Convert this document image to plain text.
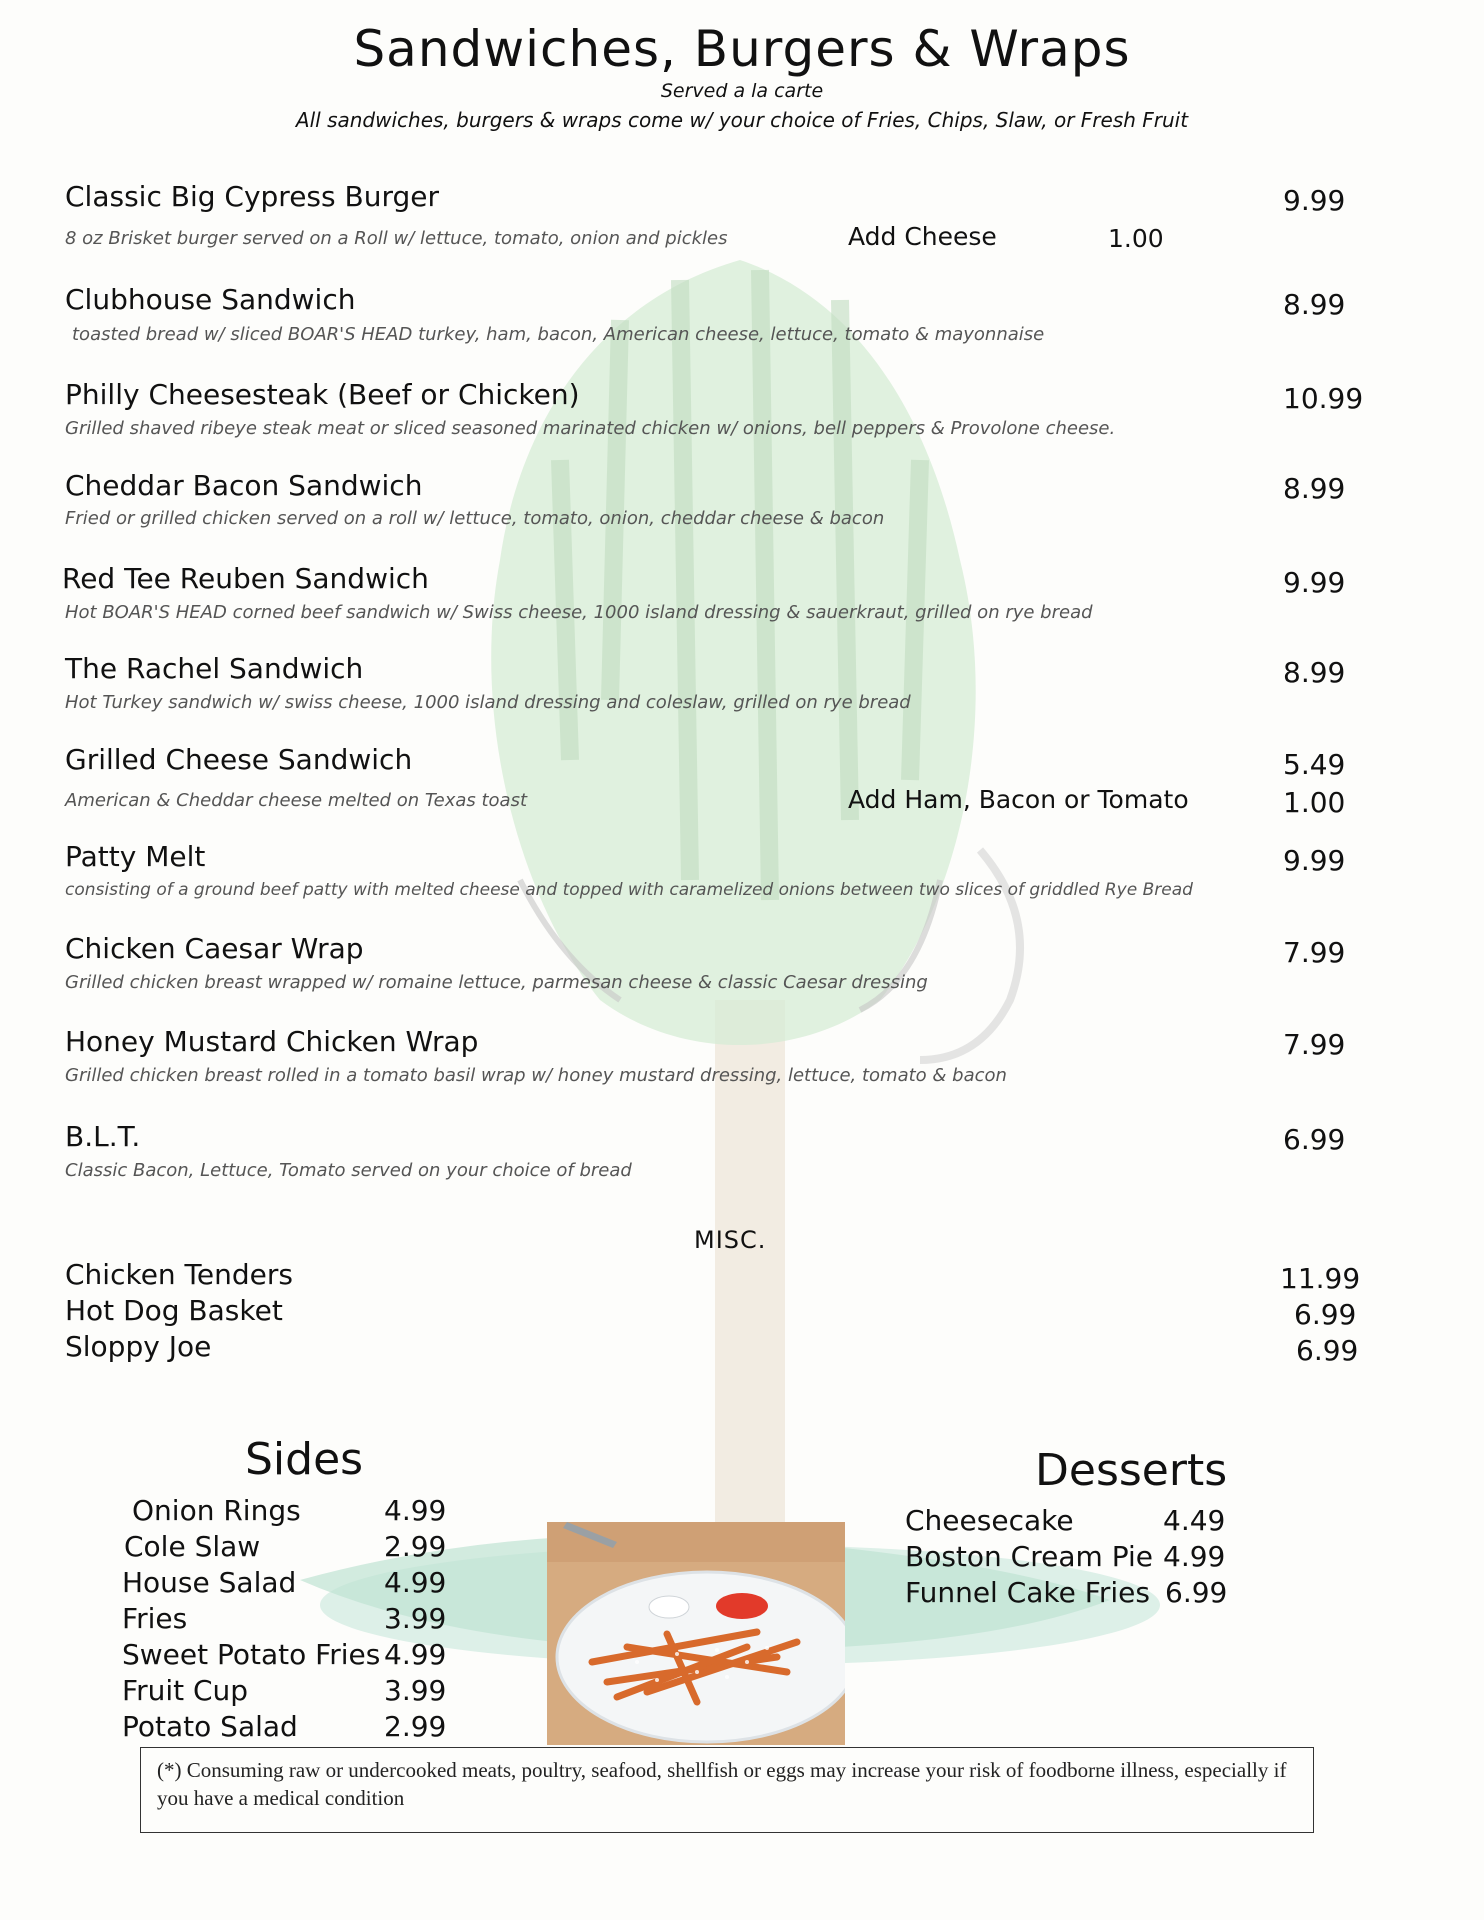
Sandwiches, Burgers & Wraps
Served a la carte
All sandwiches, burgers & wraps come w/ your choice of Fries, Chips, Slaw, or Fresh Fruit
Classic Big Cypress Burger	9.99
8 oz Brisket burger served on a Roll w/ lettuce, tomato, onion and pickles	Add Cheese	1.00
Clubhouse Sandwich	8.99
toasted bread w/ sliced BOAR'S HEAD turkey, ham, bacon, American cheese, lettuce, tomato & mayonnaise
Philly Cheesesteak (Beef or Chicken)	10.99
Grilled shaved ribeye steak meat or sliced seasoned marinated chicken w/ onions, bell peppers & Provolone cheese.
Cheddar Bacon Sandwich	8.99
Fried or grilled chicken served on a roll w/ lettuce, tomato, onion, cheddar cheese & bacon
Red Tee Reuben Sandwich	9.99
Hot BOAR'S HEAD corned beef sandwich w/ Swiss cheese, 1000 island dressing & sauerkraut, grilled on rye bread
The Rachel Sandwich	8.99
Hot Turkey sandwich w/ swiss cheese, 1000 island dressing and coleslaw, grilled on rye bread
Grilled Cheese Sandwich	5.49
American & Cheddar cheese melted on Texas toast	Add Ham, Bacon or Tomato	1.00
Patty Melt	9.99
consisting of a ground beef patty with melted cheese and topped with caramelized onions between two slices of griddled Rye Bread
Chicken Caesar Wrap	7.99
Grilled chicken breast wrapped w/ romaine lettuce, parmesan cheese & classic Caesar dressing
Honey Mustard Chicken Wrap	7.99
Grilled chicken breast rolled in a tomato basil wrap w/ honey mustard dressing, lettuce, tomato & bacon
B.L.T.	6.99
Classic Bacon, Lettuce, Tomato served on your choice of bread
MISC.
Chicken Tenders	11.99
Hot Dog Basket	6.99
Sloppy Joe	6.99
Sides
Onion Rings	4.99
Cole Slaw	2.99
House Salad	4.99
Fries	3.99
Sweet Potato Fries 4.99
Fruit Cup	3.99
Potato Salad	2.99
Desserts
Cheesecake	4.49
Boston Cream Pie 4.99
Funnel Cake Fries 6.99
(*) Consuming raw or undercooked meats, poultry, seafood, shellfish or eggs may increase your risk of foodborne illness, especially if you have a medical condition
